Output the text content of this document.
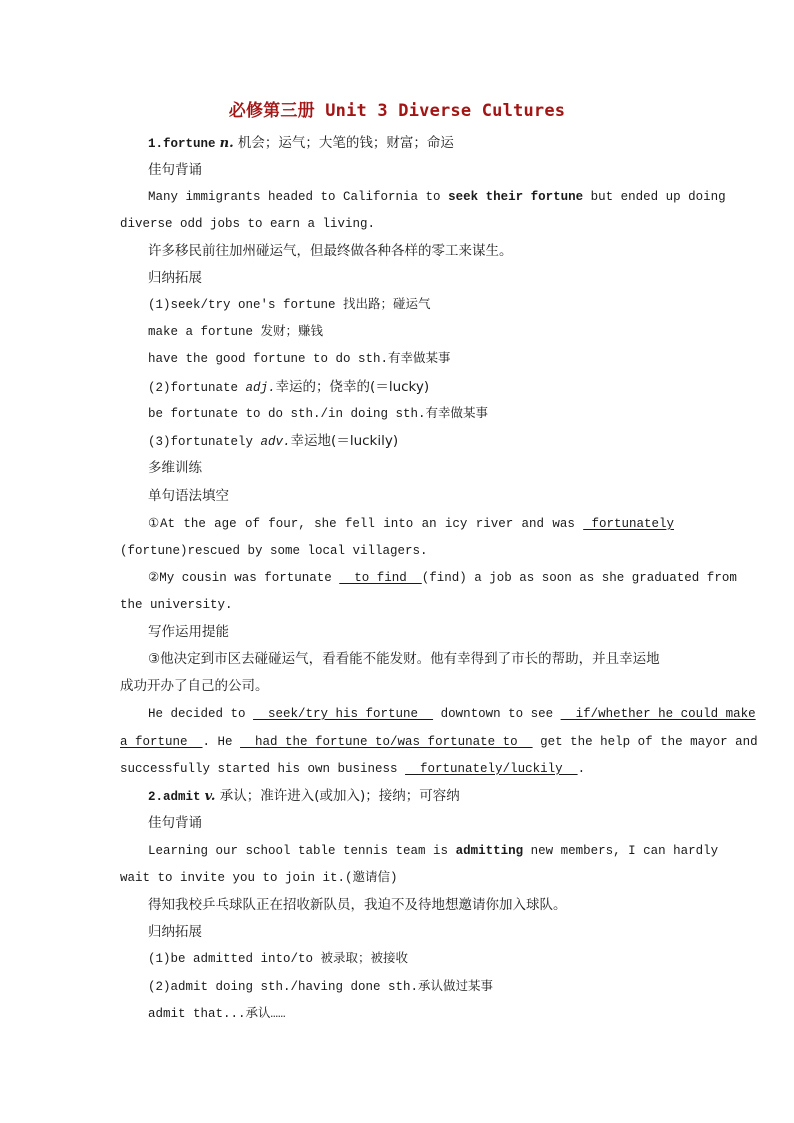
必修第三册 Unit 3 Diverse Cultures
1.fortune n. 机会；运气；大笔的钱；财富；命运
佳句背诵
Many immigrants headed to California to seek their fortune but ended up doing
diverse odd jobs to earn a living.
许多移民前往加州碰运气，但最终做各种各样的零工来谋生。
归纳拓展
(1)seek/try one's fortune 找出路；碰运气
make a fortune 发财；赚钱
have the good fortune to do sth.有幸做某事
(2)fortunate adj.幸运的；侥幸的(＝lucky)
be fortunate to do sth./in doing sth.有幸做某事
(3)fortunately adv.幸运地(＝luckily)
多维训练
单句语法填空
①At the age of four, she fell into an icy river and was  fortunately
(fortune)rescued by some local villagers.
②My cousin was fortunate   to find  (find) a job as soon as she graduated from
the university.
写作运用提能
③他决定到市区去碰碰运气，看看能不能发财。他有幸得到了市长的帮助，并且幸运地
成功开办了自己的公司。
He decided to   seek/try his fortune   downtown to see   if/whether he could make
a fortune  . He   had the fortune to/was fortunate to   get the help of the mayor and
successfully started his own business   fortunately/luckily  .
2.admit v. 承认；准许进入(或加入)；接纳；可容纳
佳句背诵
Learning our school table tennis team is admitting new members, I can hardly
wait to invite you to join it.(邀请信)
得知我校乒乓球队正在招收新队员，我迫不及待地想邀请你加入球队。
归纳拓展
(1)be admitted into/to 被录取；被接收
(2)admit doing sth./having done sth.承认做过某事
admit that...承认……
